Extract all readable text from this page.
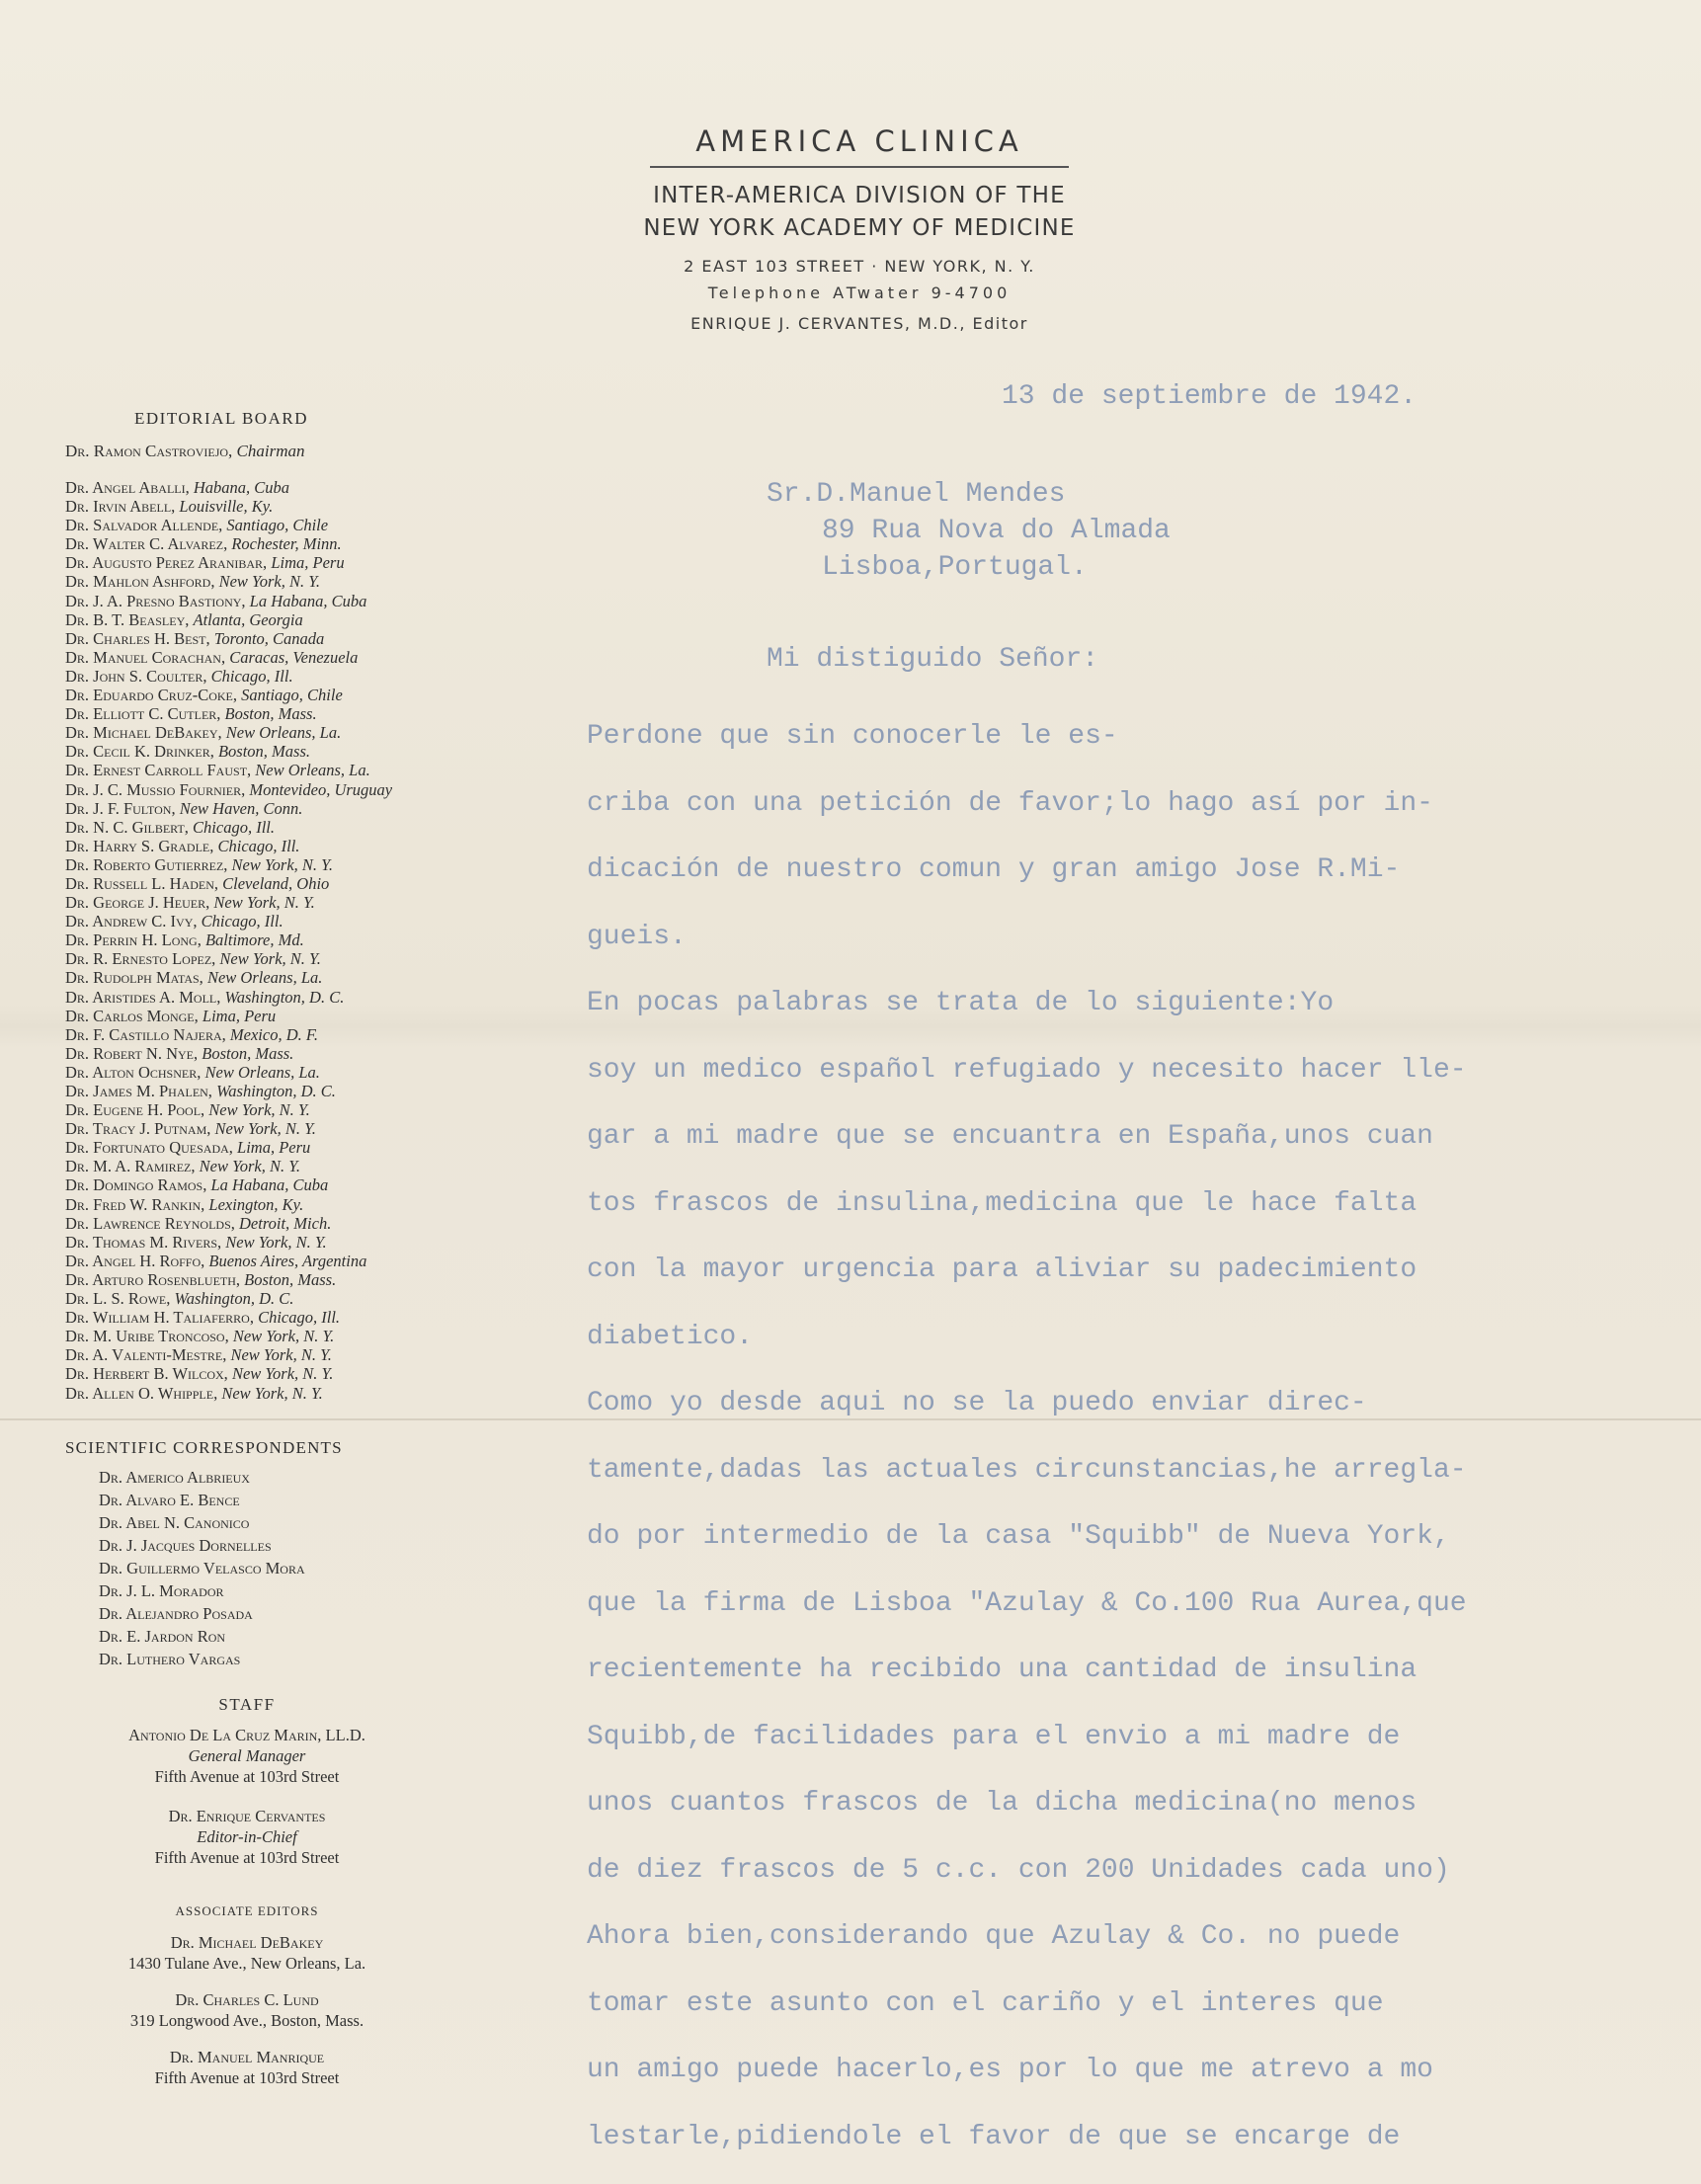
AMERICA CLINICA
INTER-AMERICA DIVISION OF THE
NEW YORK ACADEMY OF MEDICINE
2 EAST 103 STREET · NEW YORK, N. Y.
Telephone ATwater 9-4700
ENRIQUE J. CERVANTES, M.D., Editor
EDITORIAL BOARD
Dr. Ramon Castroviejo, Chairman
Dr. Angel Aballi, Habana, Cuba
Dr. Irvin Abell, Louisville, Ky.
Dr. Salvador Allende, Santiago, Chile
Dr. Walter C. Alvarez, Rochester, Minn.
Dr. Augusto Perez Aranibar, Lima, Peru
Dr. Mahlon Ashford, New York, N. Y.
Dr. J. A. Presno Bastiony, La Habana, Cuba
Dr. B. T. Beasley, Atlanta, Georgia
Dr. Charles H. Best, Toronto, Canada
Dr. Manuel Corachan, Caracas, Venezuela
Dr. John S. Coulter, Chicago, Ill.
Dr. Eduardo Cruz-Coke, Santiago, Chile
Dr. Elliott C. Cutler, Boston, Mass.
Dr. Michael DeBakey, New Orleans, La.
Dr. Cecil K. Drinker, Boston, Mass.
Dr. Ernest Carroll Faust, New Orleans, La.
Dr. J. C. Mussio Fournier, Montevideo, Uruguay
Dr. J. F. Fulton, New Haven, Conn.
Dr. N. C. Gilbert, Chicago, Ill.
Dr. Harry S. Gradle, Chicago, Ill.
Dr. Roberto Gutierrez, New York, N. Y.
Dr. Russell L. Haden, Cleveland, Ohio
Dr. George J. Heuer, New York, N. Y.
Dr. Andrew C. Ivy, Chicago, Ill.
Dr. Perrin H. Long, Baltimore, Md.
Dr. R. Ernesto Lopez, New York, N. Y.
Dr. Rudolph Matas, New Orleans, La.
Dr. Aristides A. Moll, Washington, D. C.
Dr. Carlos Monge, Lima, Peru
Dr. F. Castillo Najera, Mexico, D. F.
Dr. Robert N. Nye, Boston, Mass.
Dr. Alton Ochsner, New Orleans, La.
Dr. James M. Phalen, Washington, D. C.
Dr. Eugene H. Pool, New York, N. Y.
Dr. Tracy J. Putnam, New York, N. Y.
Dr. Fortunato Quesada, Lima, Peru
Dr. M. A. Ramirez, New York, N. Y.
Dr. Domingo Ramos, La Habana, Cuba
Dr. Fred W. Rankin, Lexington, Ky.
Dr. Lawrence Reynolds, Detroit, Mich.
Dr. Thomas M. Rivers, New York, N. Y.
Dr. Angel H. Roffo, Buenos Aires, Argentina
Dr. Arturo Rosenblueth, Boston, Mass.
Dr. L. S. Rowe, Washington, D. C.
Dr. William H. Taliaferro, Chicago, Ill.
Dr. M. Uribe Troncoso, New York, N. Y.
Dr. A. Valenti-Mestre, New York, N. Y.
Dr. Herbert B. Wilcox, New York, N. Y.
Dr. Allen O. Whipple, New York, N. Y.
SCIENTIFIC CORRESPONDENTS
Dr. Americo Albrieux
Dr. Alvaro E. Bence
Dr. Abel N. Canonico
Dr. J. Jacques Dornelles
Dr. Guillermo Velasco Mora
Dr. J. L. Morador
Dr. Alejandro Posada
Dr. E. Jardon Ron
Dr. Luthero Vargas
STAFF
Antonio De La Cruz Marin, LL.D.
General Manager
Fifth Avenue at 103rd Street
Dr. Enrique Cervantes
Editor-in-Chief
Fifth Avenue at 103rd Street
ASSOCIATE EDITORS
Dr. Michael DeBakey
1430 Tulane Ave., New Orleans, La.
Dr. Charles C. Lund
319 Longwood Ave., Boston, Mass.
Dr. Manuel Manrique
Fifth Avenue at 103rd Street
13 de septiembre de 1942.
Sr.D.Manuel Mendes
89 Rua Nova do Almada
Lisboa,Portugal.
Mi distiguido Señor:
Perdone que sin conocerle le es-
criba con una petición de favor;lo hago así por in-
dicación de nuestro comun y gran amigo Jose R.Mi-
gueis.
En pocas palabras se trata de lo siguiente:Yo
soy un medico español refugiado y necesito hacer lle-
gar a mi madre que se encuantra en España,unos cuan
tos frascos de insulina,medicina que le hace falta
con la mayor urgencia para aliviar su padecimiento
diabetico.
Como yo desde aqui no se la puedo enviar direc-
tamente,dadas las actuales circunstancias,he arregla-
do por intermedio de la casa "Squibb" de Nueva York,
que la firma de Lisboa "Azulay & Co.100 Rua Aurea,que
recientemente ha recibido una cantidad de insulina
Squibb,de facilidades para el envio a mi madre de
unos cuantos frascos de la dicha medicina(no menos
de diez frascos de 5 c.c. con 200 Unidades cada uno)
Ahora bien,considerando que Azulay & Co. no puede
tomar este asunto con el cariño y el interes que
un amigo puede hacerlo,es por lo que me atrevo a mo
lestarle,pidiendole el favor de que se encarge de
